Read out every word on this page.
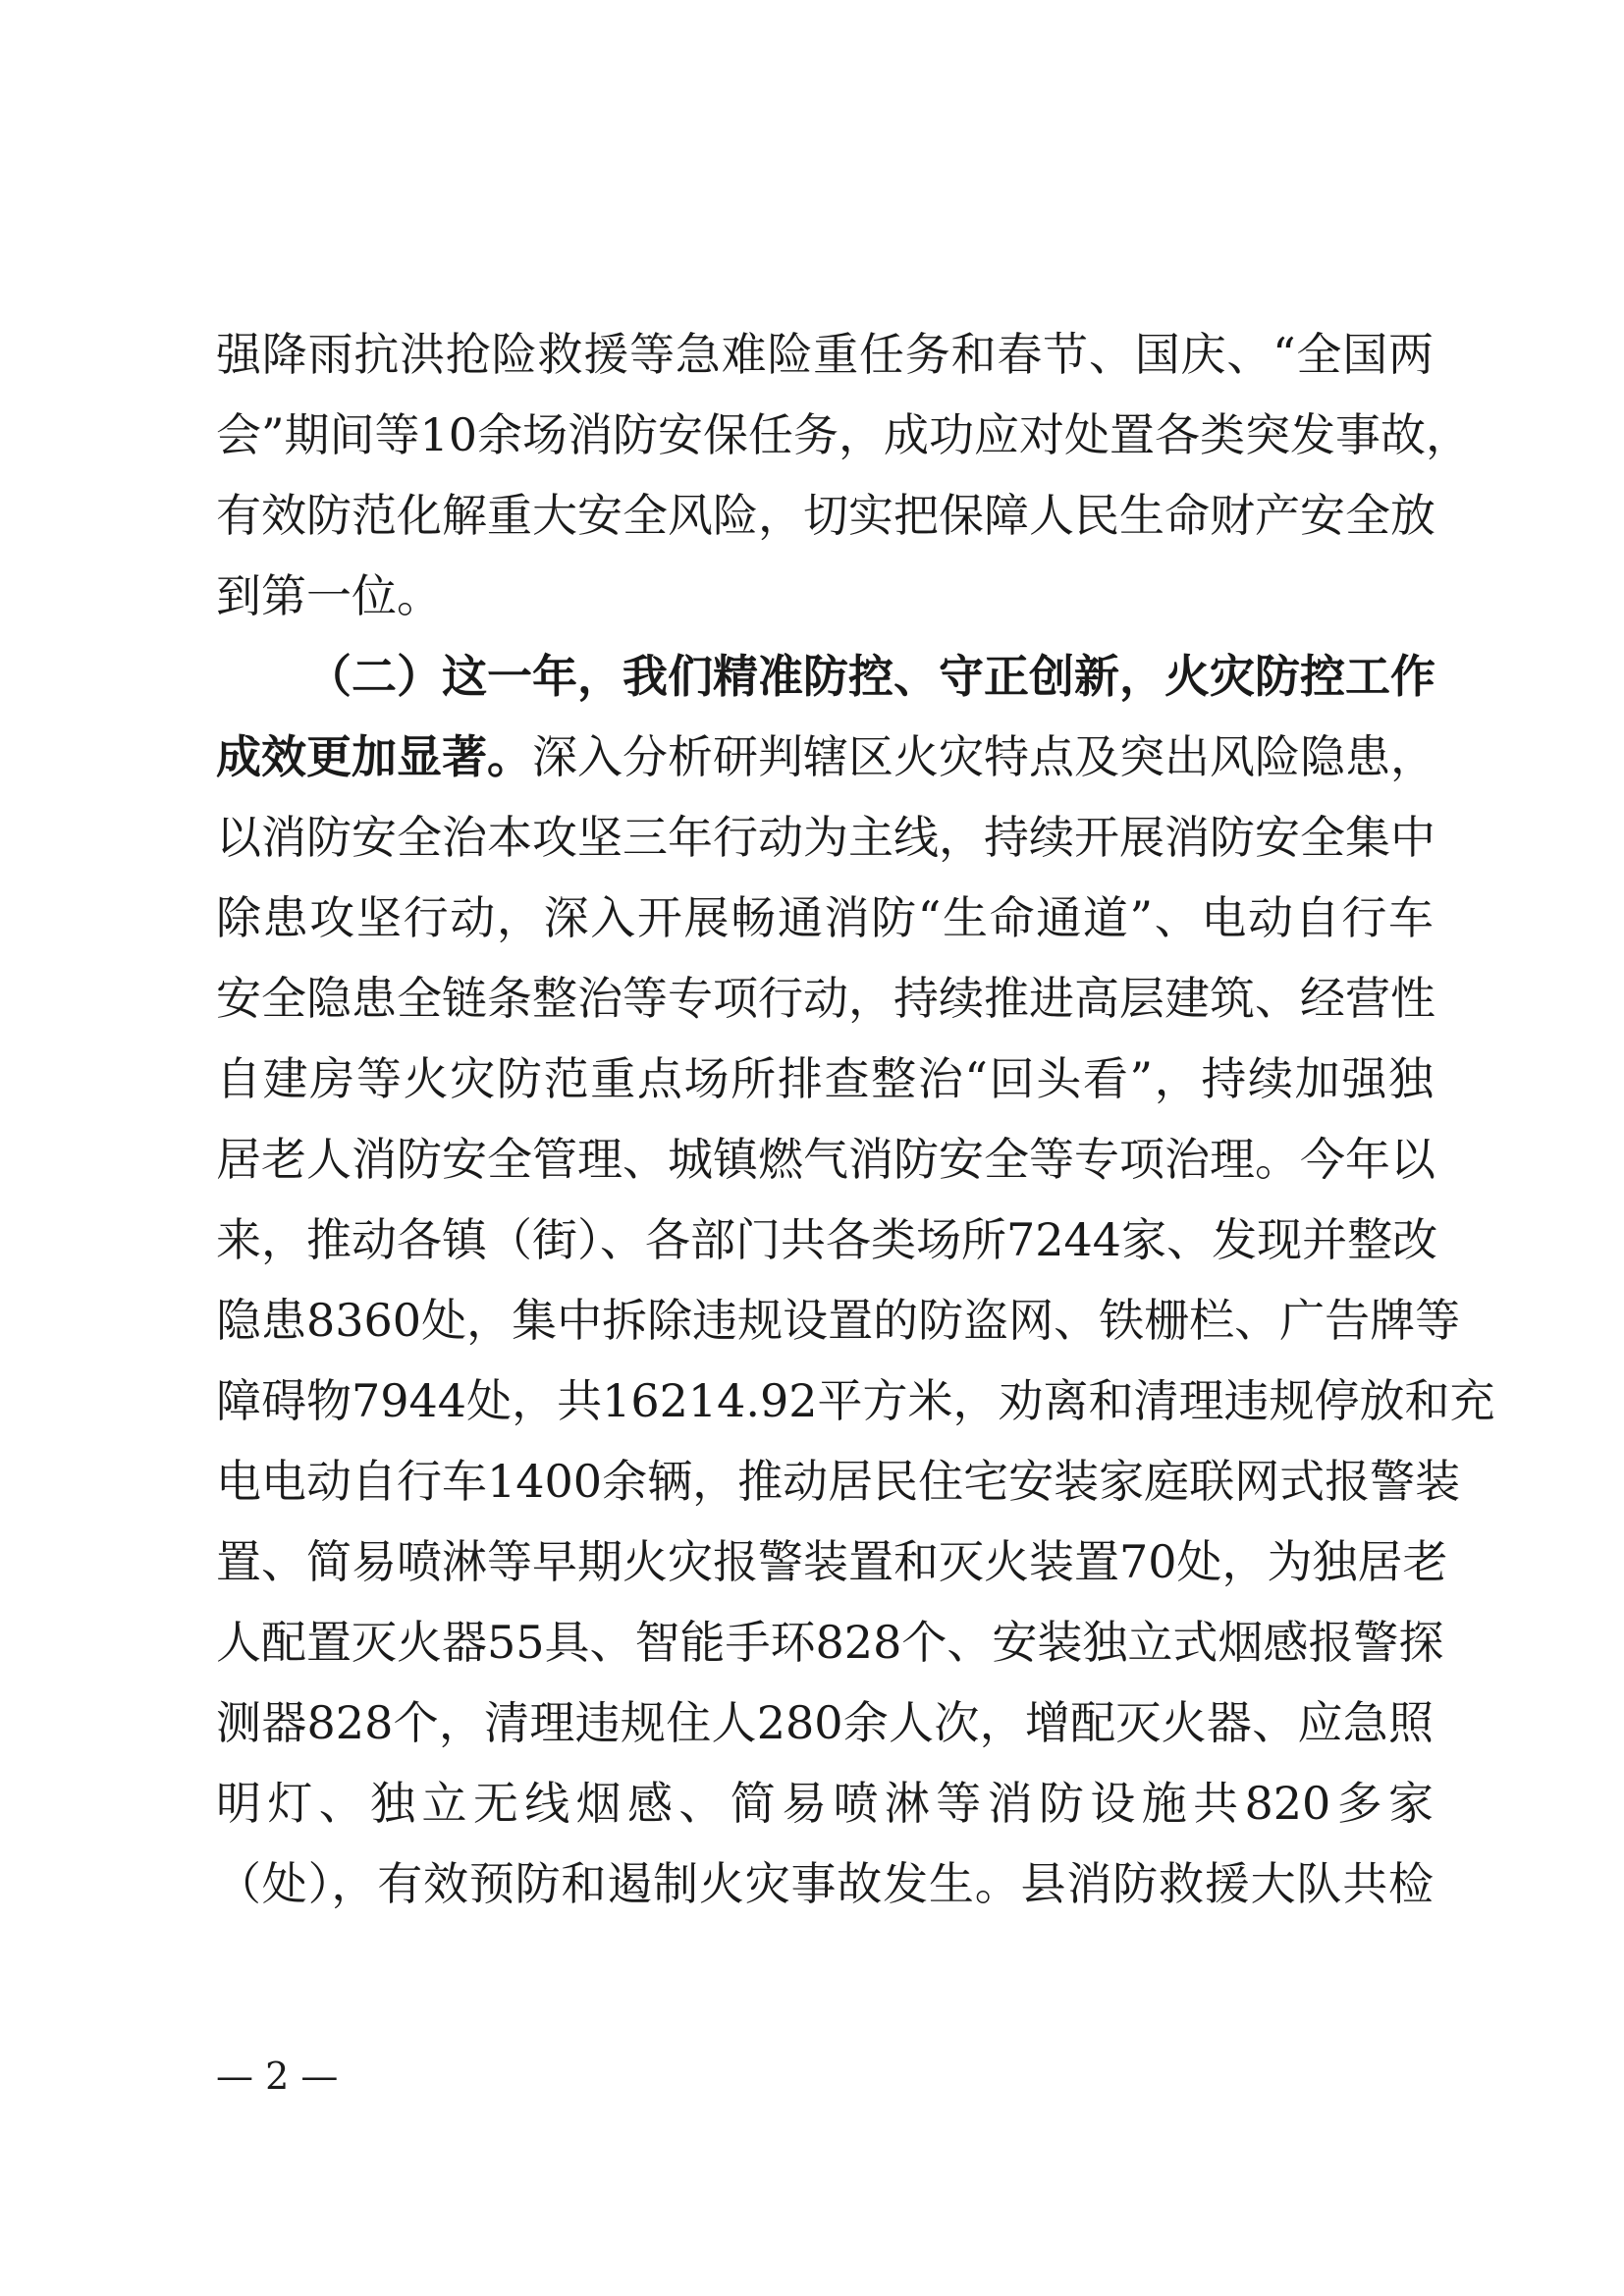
强降雨抗洪抢险救援等急难险重任务和春节、国庆、“全国两
会”期间等10余场消防安保任务，成功应对处置各类突发事故，
有效防范化解重大安全风险，切实把保障人民生命财产安全放
到第一位。
（二）这一年，我们精准防控、守正创新，火灾防控工作
成效更加显著。深入分析研判辖区火灾特点及突出风险隐患，
以消防安全治本攻坚三年行动为主线，持续开展消防安全集中
除患攻坚行动，深入开展畅通消防“生命通道”、电动自行车
安全隐患全链条整治等专项行动，持续推进高层建筑、经营性
自建房等火灾防范重点场所排查整治“回头看”，持续加强独
居老人消防安全管理、城镇燃气消防安全等专项治理。今年以
来，推动各镇（街）、各部门共各类场所7244家、发现并整改
隐患8360处，集中拆除违规设置的防盗网、铁栅栏、广告牌等
障碍物7944处，共16214.92平方米，劝离和清理违规停放和充
电电动自行车1400余辆，推动居民住宅安装家庭联网式报警装
置、简易喷淋等早期火灾报警装置和灭火装置70处，为独居老
人配置灭火器55具、智能手环828个、安装独立式烟感报警探
测器828个，清理违规住人280余人次，增配灭火器、应急照
明灯、独立无线烟感、简易喷淋等消防设施共820多家
（处），有效预防和遏制火灾事故发生。县消防救援大队共检
— 2 —
